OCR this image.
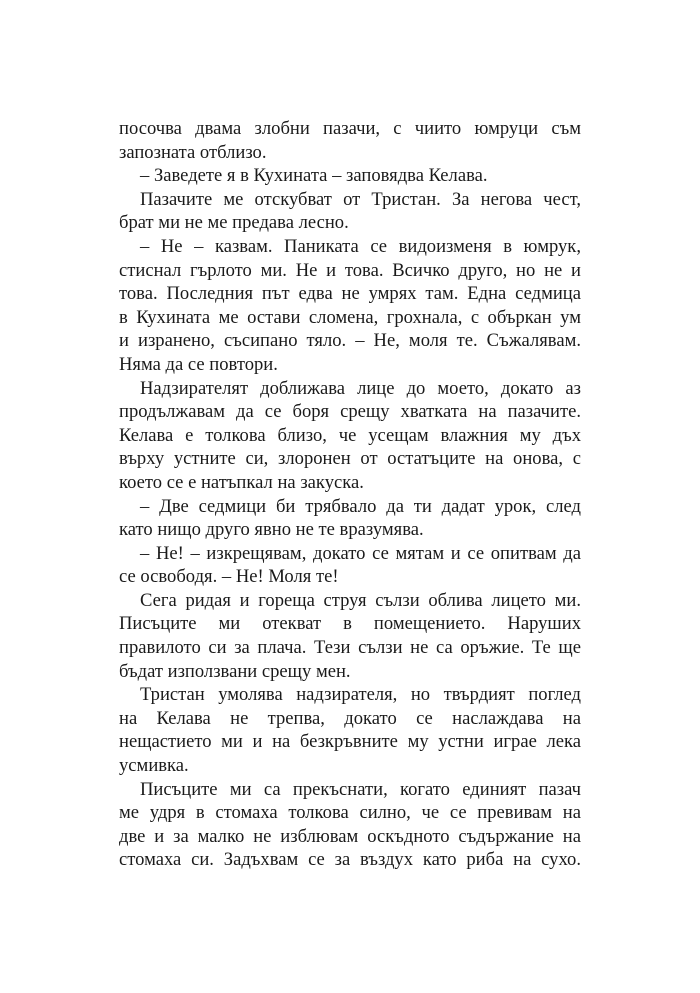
посочва двама злобни пазачи, с чиито юмруци съм
запозната отблизо.
– Заведете я в Кухината – заповядва Келава.
Пазачите ме отскубват от Тристан. За негова чест,
брат ми не ме предава лесно.
– Не – казвам. Паниката се видоизменя в юмрук,
стиснал гърлото ми. Не и това. Всичко друго, но не и
това. Последния път едва не умрях там. Една седмица
в Кухината ме остави сломена, грохнала, с объркан ум
и изранено, съсипано тяло. – Не, моля те. Съжалявам.
Няма да се повтори.
Надзирателят доближава лице до моето, докато аз
продължавам да се боря срещу хватката на пазачите.
Келава е толкова близо, че усещам влажния му дъх
върху устните си, злоронен от остатъците на онова, с
което се е натъпкал на закуска.
– Две седмици би трябвало да ти дадат урок, след
като нищо друго явно не те вразумява.
– Не! – изкрещявам, докато се мятам и се опитвам да
се освободя. – Не! Моля те!
Сега ридая и гореща струя сълзи облива лицето ми.
Писъците ми отекват в помещението. Наруших
правилото си за плача. Тези сълзи не са оръжие. Те ще
бъдат използвани срещу мен.
Тристан умолява надзирателя, но твърдият поглед
на Келава не трепва, докато се наслаждава на
нещастието ми и на безкръвните му устни играе лека
усмивка.
Писъците ми са прекъснати, когато единият пазач
ме удря в стомаха толкова силно, че се превивам на
две и за малко не изблювам оскъдното съдържание на
стомаха си. Задъхвам се за въздух като риба на сухо.
